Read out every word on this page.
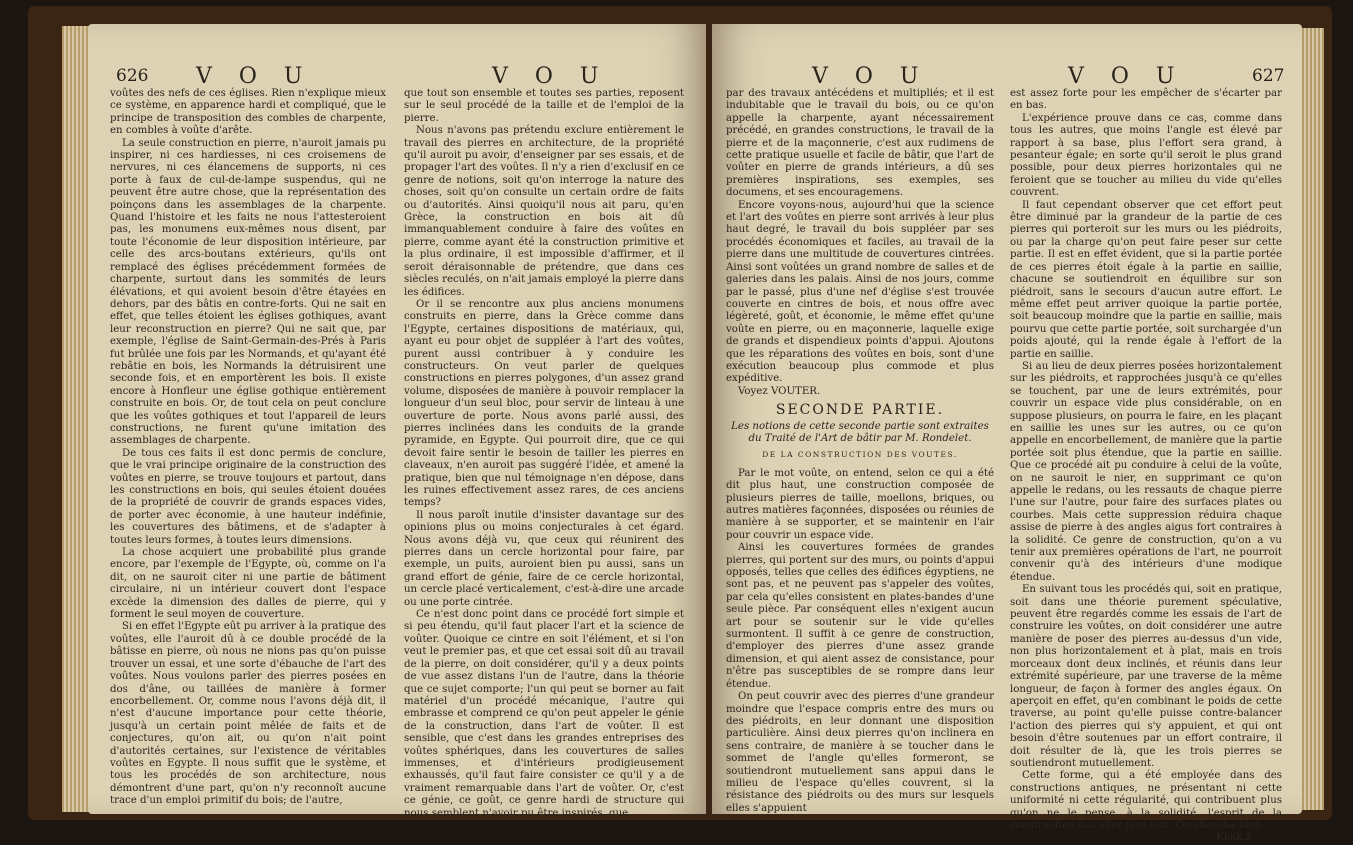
626 V O U	V O U

voûtes des nefs de ces églises. Rien n'explique mieux ce système, en apparence hardi et compliqué, que le principe de transposition des combles de charpente, en combles à voûte d'arête.

La seule construction en pierre, n'auroit jamais pu inspirer, ni ces hardiesses, ni ces croisemens de nervures, ni ces élancemens de supports, ni ces porte à faux de cul-de-lampe suspendus, qui ne peuvent être autre chose, que la représentation des poinçons dans les assemblages de la charpente. Quand l'histoire et les faits ne nous l'attesteroient pas, les monumens eux-mêmes nous disent, par toute l'économie de leur disposition intérieure, par celle des arcs-boutans extérieurs, qu'ils ont remplacé des églises précédemment formées de charpente, surtout dans les sommités de leurs élévations, et qui avoient besoin d'être étayées en dehors, par des bâtis en contre-forts. Qui ne sait en effet, que telles étoient les églises gothiques, avant leur reconstruction en pierre? Qui ne sait que, par exemple, l'église de Saint-Germain-des-Prés à Paris fut brûlée une fois par les Normands, et qu'ayant été rebâtie en bois, les Normands la détruisirent une seconde fois, et en emportèrent les bois. Il existe encore à Honfleur une église gothique entièrement construite en bois. Or, de tout cela on peut conclure que les voûtes gothiques et tout l'appareil de leurs constructions, ne furent qu'une imitation des assemblages de charpente.

De tous ces faits il est donc permis de conclure, que le vrai principe originaire de la construction des voûtes en pierre, se trouve toujours et partout, dans les constructions en bois, qui seules étoient douées de la propriété de couvrir de grands espaces vides, de porter avec économie, à une hauteur indéfinie, les couvertures des bâtimens, et de s'adapter à toutes leurs formes, à toutes leurs dimensions.

La chose acquiert une probabilité plus grande encore, par l'exemple de l'Egypte, où, comme on l'a dit, on ne sauroit citer ni une partie de bâtiment circulaire, ni un intérieur couvert dont l'espace excède la dimension des dalles de pierre, qui y forment le seul moyen de couverture.

Si en effet l'Egypte eût pu arriver à la pratique des voûtes, elle l'auroit dû à ce double procédé de la bâtisse en pierre, où nous ne nions pas qu'on puisse trouver un essai, et une sorte d'ébauche de l'art des voûtes. Nous voulons parler des pierres posées en dos d'âne, ou taillées de manière à former encorbellement. Or, comme nous l'avons déjà dit, il n'est d'aucune importance pour cette théorie, jusqu'à un certain point mêlée de faits et de conjectures, qu'on ait, ou qu'on n'ait point d'autorités certaines, sur l'existence de véritables voûtes en Egypte. Il nous suffit que le système, et tous les procédés de son architecture, nous démontrent d'une part, qu'on n'y reconnoît aucune trace d'un emploi primitif du bois; de l'autre,

que tout son ensemble et toutes ses parties, reposent sur le seul procédé de la taille et de l'emploi de la pierre.

Nous n'avons pas prétendu exclure entièrement le travail des pierres en architecture, de la propriété qu'il auroit pu avoir, d'enseigner par ses essais, et de propager l'art des voûtes. Il n'y a rien d'exclusif en ce genre de notions, soit qu'on interroge la nature des choses, soit qu'on consulte un certain ordre de faits ou d'autorités. Ainsi quoiqu'il nous ait paru, qu'en Grèce, la construction en bois ait dû immanquablement conduire à faire des voûtes en pierre, comme ayant été la construction primitive et la plus ordinaire, il est impossible d'affirmer, et il seroit déraisonnable de prétendre, que dans ces siècles reculés, on n'ait jamais employé la pierre dans les édifices.

Or il se rencontre aux plus anciens monumens construits en pierre, dans la Grèce comme dans l'Egypte, certaines dispositions de matériaux, qui, ayant eu pour objet de suppléer à l'art des voûtes, purent aussi contribuer à y conduire les constructeurs. On veut parler de quelques constructions en pierres polygones, d'un assez grand volume, disposées de manière à pouvoir remplacer la longueur d'un seul bloc, pour servir de linteau à une ouverture de porte. Nous avons parlé aussi, des pierres inclinées dans les conduits de la grande pyramide, en Egypte. Qui pourroit dire, que ce qui devoit faire sentir le besoin de tailler les pierres en claveaux, n'en auroit pas suggéré l'idée, et amené la pratique, bien que nul témoignage n'en dépose, dans les ruines effectivement assez rares, de ces anciens temps?

Il nous paroît inutile d'insister davantage sur des opinions plus ou moins conjecturales à cet égard. Nous avons déjà vu, que ceux qui réunirent des pierres dans un cercle horizontal pour faire, par exemple, un puits, auroient bien pu aussi, sans un grand effort de génie, faire de ce cercle horizontal, un cercle placé verticalement, c'est-à-dire une arcade ou une porte cintrée.

Ce n'est donc point dans ce procédé fort simple et si peu étendu, qu'il faut placer l'art et la science de voûter. Quoique ce cintre en soit l'élément, et si l'on veut le premier pas, et que cet essai soit dû au travail de la pierre, on doit considérer, qu'il y a deux points de vue assez distans l'un de l'autre, dans la théorie que ce sujet comporte; l'un qui peut se borner au fait matériel d'un procédé mécanique, l'autre qui embrasse et comprend ce qu'on peut appeler le génie de la construction, dans l'art de voûter. Il est sensible, que c'est dans les grandes entreprises des voûtes sphériques, dans les couvertures de salles immenses, et d'intérieurs prodigieusement exhaussés, qu'il faut faire consister ce qu'il y a de vraiment remarquable dans l'art de voûter. Or, c'est ce génie, ce goût, ce genre hardi de structure qui nous semblent n'avoir pu être inspirés, que

V O U	V O U	627

par des travaux antécédens et multipliés; et il est indubitable que le travail du bois, ou ce qu'on appelle la charpente, ayant nécessairement précédé, en grandes constructions, le travail de la pierre et de la maçonnerie, c'est aux rudimens de cette pratique usuelle et facile de bâtir, que l'art de voûter en pierre de grands intérieurs, a dû ses premières inspirations, ses exemples, ses documens, et ses encouragemens.

Encore voyons-nous, aujourd'hui que la science et l'art des voûtes en pierre sont arrivés à leur plus haut degré, le travail du bois suppléer par ses procédés économiques et faciles, au travail de la pierre dans une multitude de couvertures cintrées. Ainsi sont voûtées un grand nombre de salles et de galeries dans les palais. Ainsi de nos jours, comme par le passé, plus d'une nef d'église s'est trouvée couverte en cintres de bois, et nous offre avec légèreté, goût, et économie, le même effet qu'une voûte en pierre, ou en maçonnerie, laquelle exige de grands et dispendieux points d'appui. Ajoutons que les réparations des voûtes en bois, sont d'une exécution beaucoup plus commode et plus expéditive.

Voyez VOUTER.

SECONDE PARTIE.
Les notions de cette seconde partie sont extraites du Traité de l'Art de bâtir par M. Rondelet.
DE LA CONSTRUCTION DES VOUTES.

Par le mot voûte, on entend, selon ce qui a été dit plus haut, une construction composée de plusieurs pierres de taille, moellons, briques, ou autres matières façonnées, disposées ou réunies de manière à se supporter, et se maintenir en l'air pour couvrir un espace vide.

Ainsi les couvertures formées de grandes pierres, qui portent sur des murs, ou points d'appui opposés, telles que celles des édifices égyptiens, ne sont pas, et ne peuvent pas s'appeler des voûtes, par cela qu'elles consistent en plates-bandes d'une seule pièce. Par conséquent elles n'exigent aucun art pour se soutenir sur le vide qu'elles surmontent. Il suffit à ce genre de construction, d'employer des pierres d'une assez grande dimension, et qui aient assez de consistance, pour n'être pas susceptibles de se rompre dans leur étendue.

On peut couvrir avec des pierres d'une grandeur moindre que l'espace compris entre des murs ou des piédroits, en leur donnant une disposition particulière. Ainsi deux pierres qu'on inclinera en sens contraire, de manière à se toucher dans le sommet de l'angle qu'elles formeront, se soutiendront mutuellement sans appui dans le milieu de l'espace qu'elles couvrent, si la résistance des piédroits ou des murs sur lesquels elles s'appuient

est assez forte pour les empêcher de s'écarter par en bas.

L'expérience prouve dans ce cas, comme dans tous les autres, que moins l'angle est élevé par rapport à sa base, plus l'effort sera grand, à pesanteur égale; en sorte qu'il seroit le plus grand possible, pour deux pierres horizontales qui ne feroient que se toucher au milieu du vide qu'elles couvrent.

Il faut cependant observer que cet effort peut être diminué par la grandeur de la partie de ces pierres qui porteroit sur les murs ou les piédroits, ou par la charge qu'on peut faire peser sur cette partie. Il est en effet évident, que si la partie portée de ces pierres étoit égale à la partie en saillie, chacune se soutiendroit en équilibre sur son piédroit, sans le secours d'aucun autre effort. Le même effet peut arriver quoique la partie portée, soit beaucoup moindre que la partie en saillie, mais pourvu que cette partie portée, soit surchargée d'un poids ajouté, qui la rende égale à l'effort de la partie en saillie.

Si au lieu de deux pierres posées horizontalement sur les piédroits, et rapprochées jusqu'à ce qu'elles se touchent, par une de leurs extrémités, pour couvrir un espace vide plus considérable, on en suppose plusieurs, on pourra le faire, en les plaçant en saillie les unes sur les autres, ou ce qu'on appelle en encorbellement, de manière que la partie portée soit plus étendue, que la partie en saillie. Que ce procédé ait pu conduire à celui de la voûte, on ne sauroit le nier, en supprimant ce qu'on appelle le redans, ou les ressauts de chaque pierre l'une sur l'autre, pour faire des surfaces plates ou courbes. Mais cette suppression réduira chaque assise de pierre à des angles aigus fort contraires à la solidité. Ce genre de construction, qu'on a vu tenir aux premières opérations de l'art, ne pourroit convenir qu'à des intérieurs d'une modique étendue.

En suivant tous les procédés qui, soit en pratique, soit dans une théorie purement spéculative, peuvent être regardés comme les essais de l'art de construire les voûtes, on doit considérer une autre manière de poser des pierres au-dessus d'un vide, non plus horizontalement et à plat, mais en trois morceaux dont deux inclinés, et réunis dans leur extrémité supérieure, par une traverse de la même longueur, de façon à former des angles égaux. On aperçoit en effet, qu'en combinant le poids de cette traverse, au point qu'elle puisse contre-balancer l'action des pierres qui s'y appuient, et qui ont besoin d'être soutenues par un effort contraire, il doit résulter de là, que les trois pierres se soutiendront mutuellement.

Cette forme, qui a été employée dans des constructions antiques, ne présentant ni cette uniformité ni cette régularité, qui contribuent plus qu'on ne le pense, à la solidité, l'esprit de la construction dut aller plus loin. On chercha bien-

Kkkk 2
